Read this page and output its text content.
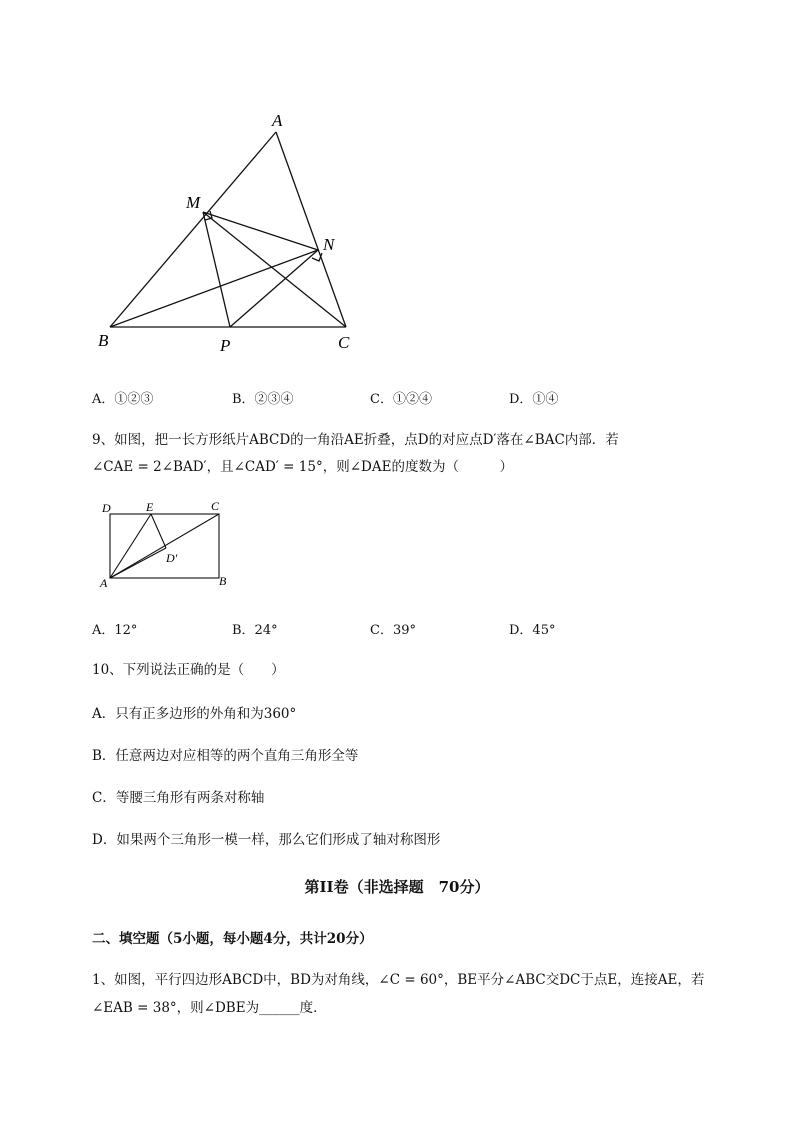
A
M
N
B	P	C
A．①②③	B．②③④	C．①②④	D．①④
9、如图，把一长方形纸片ABCD的一角沿AE折叠，点D的对应点D′落在∠BAC内部．若
∠CAE = 2∠BAD′，且∠CAD′ = 15°，则∠DAE的度数为（　　　）
D	E	C
D′
A	B
A．12°	B．24°	C．39°	D．45°
10、下列说法正确的是（　　）
A．只有正多边形的外角和为360°
B．任意两边对应相等的两个直角三角形全等
C．等腰三角形有两条对称轴
D．如果两个三角形一模一样，那么它们形成了轴对称图形
第II卷（非选择题　70分）
二、填空题（5小题，每小题4分，共计20分）
1、如图，平行四边形ABCD中，BD为对角线，∠C = 60°，BE平分∠ABC交DC于点E，连接AE，若
∠EAB = 38°，则∠DBE为______度．
